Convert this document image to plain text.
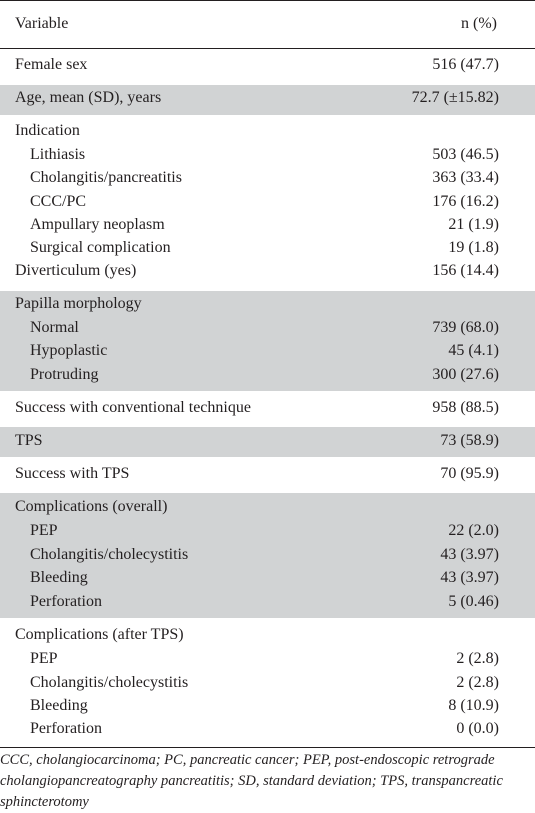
Variable	n (%)
Female sex	516 (47.7)
Age, mean (SD), years	72.7 (±15.82)
Indication
Lithiasis	503 (46.5)
Cholangitis/pancreatitis	363 (33.4)
CCC/PC	176 (16.2)
Ampullary neoplasm	21 (1.9)
Surgical complication	19 (1.8)
Diverticulum (yes)	156 (14.4)
Papilla morphology
Normal	739 (68.0)
Hypoplastic	45 (4.1)
Protruding	300 (27.6)
Success with conventional technique	958 (88.5)
TPS	73 (58.9)
Success with TPS	70 (95.9)
Complications (overall)
PEP	22 (2.0)
Cholangitis/cholecystitis	43 (3.97)
Bleeding	43 (3.97)
Perforation	5 (0.46)
Complications (after TPS)
PEP	2 (2.8)
Cholangitis/cholecystitis	2 (2.8)
Bleeding	8 (10.9)
Perforation	0 (0.0)
CCC, cholangiocarcinoma; PC, pancreatic cancer; PEP, post-endoscopic retrograde cholangiopancreatography pancreatitis; SD, standard deviation; TPS, transpancreatic sphincterotomy
